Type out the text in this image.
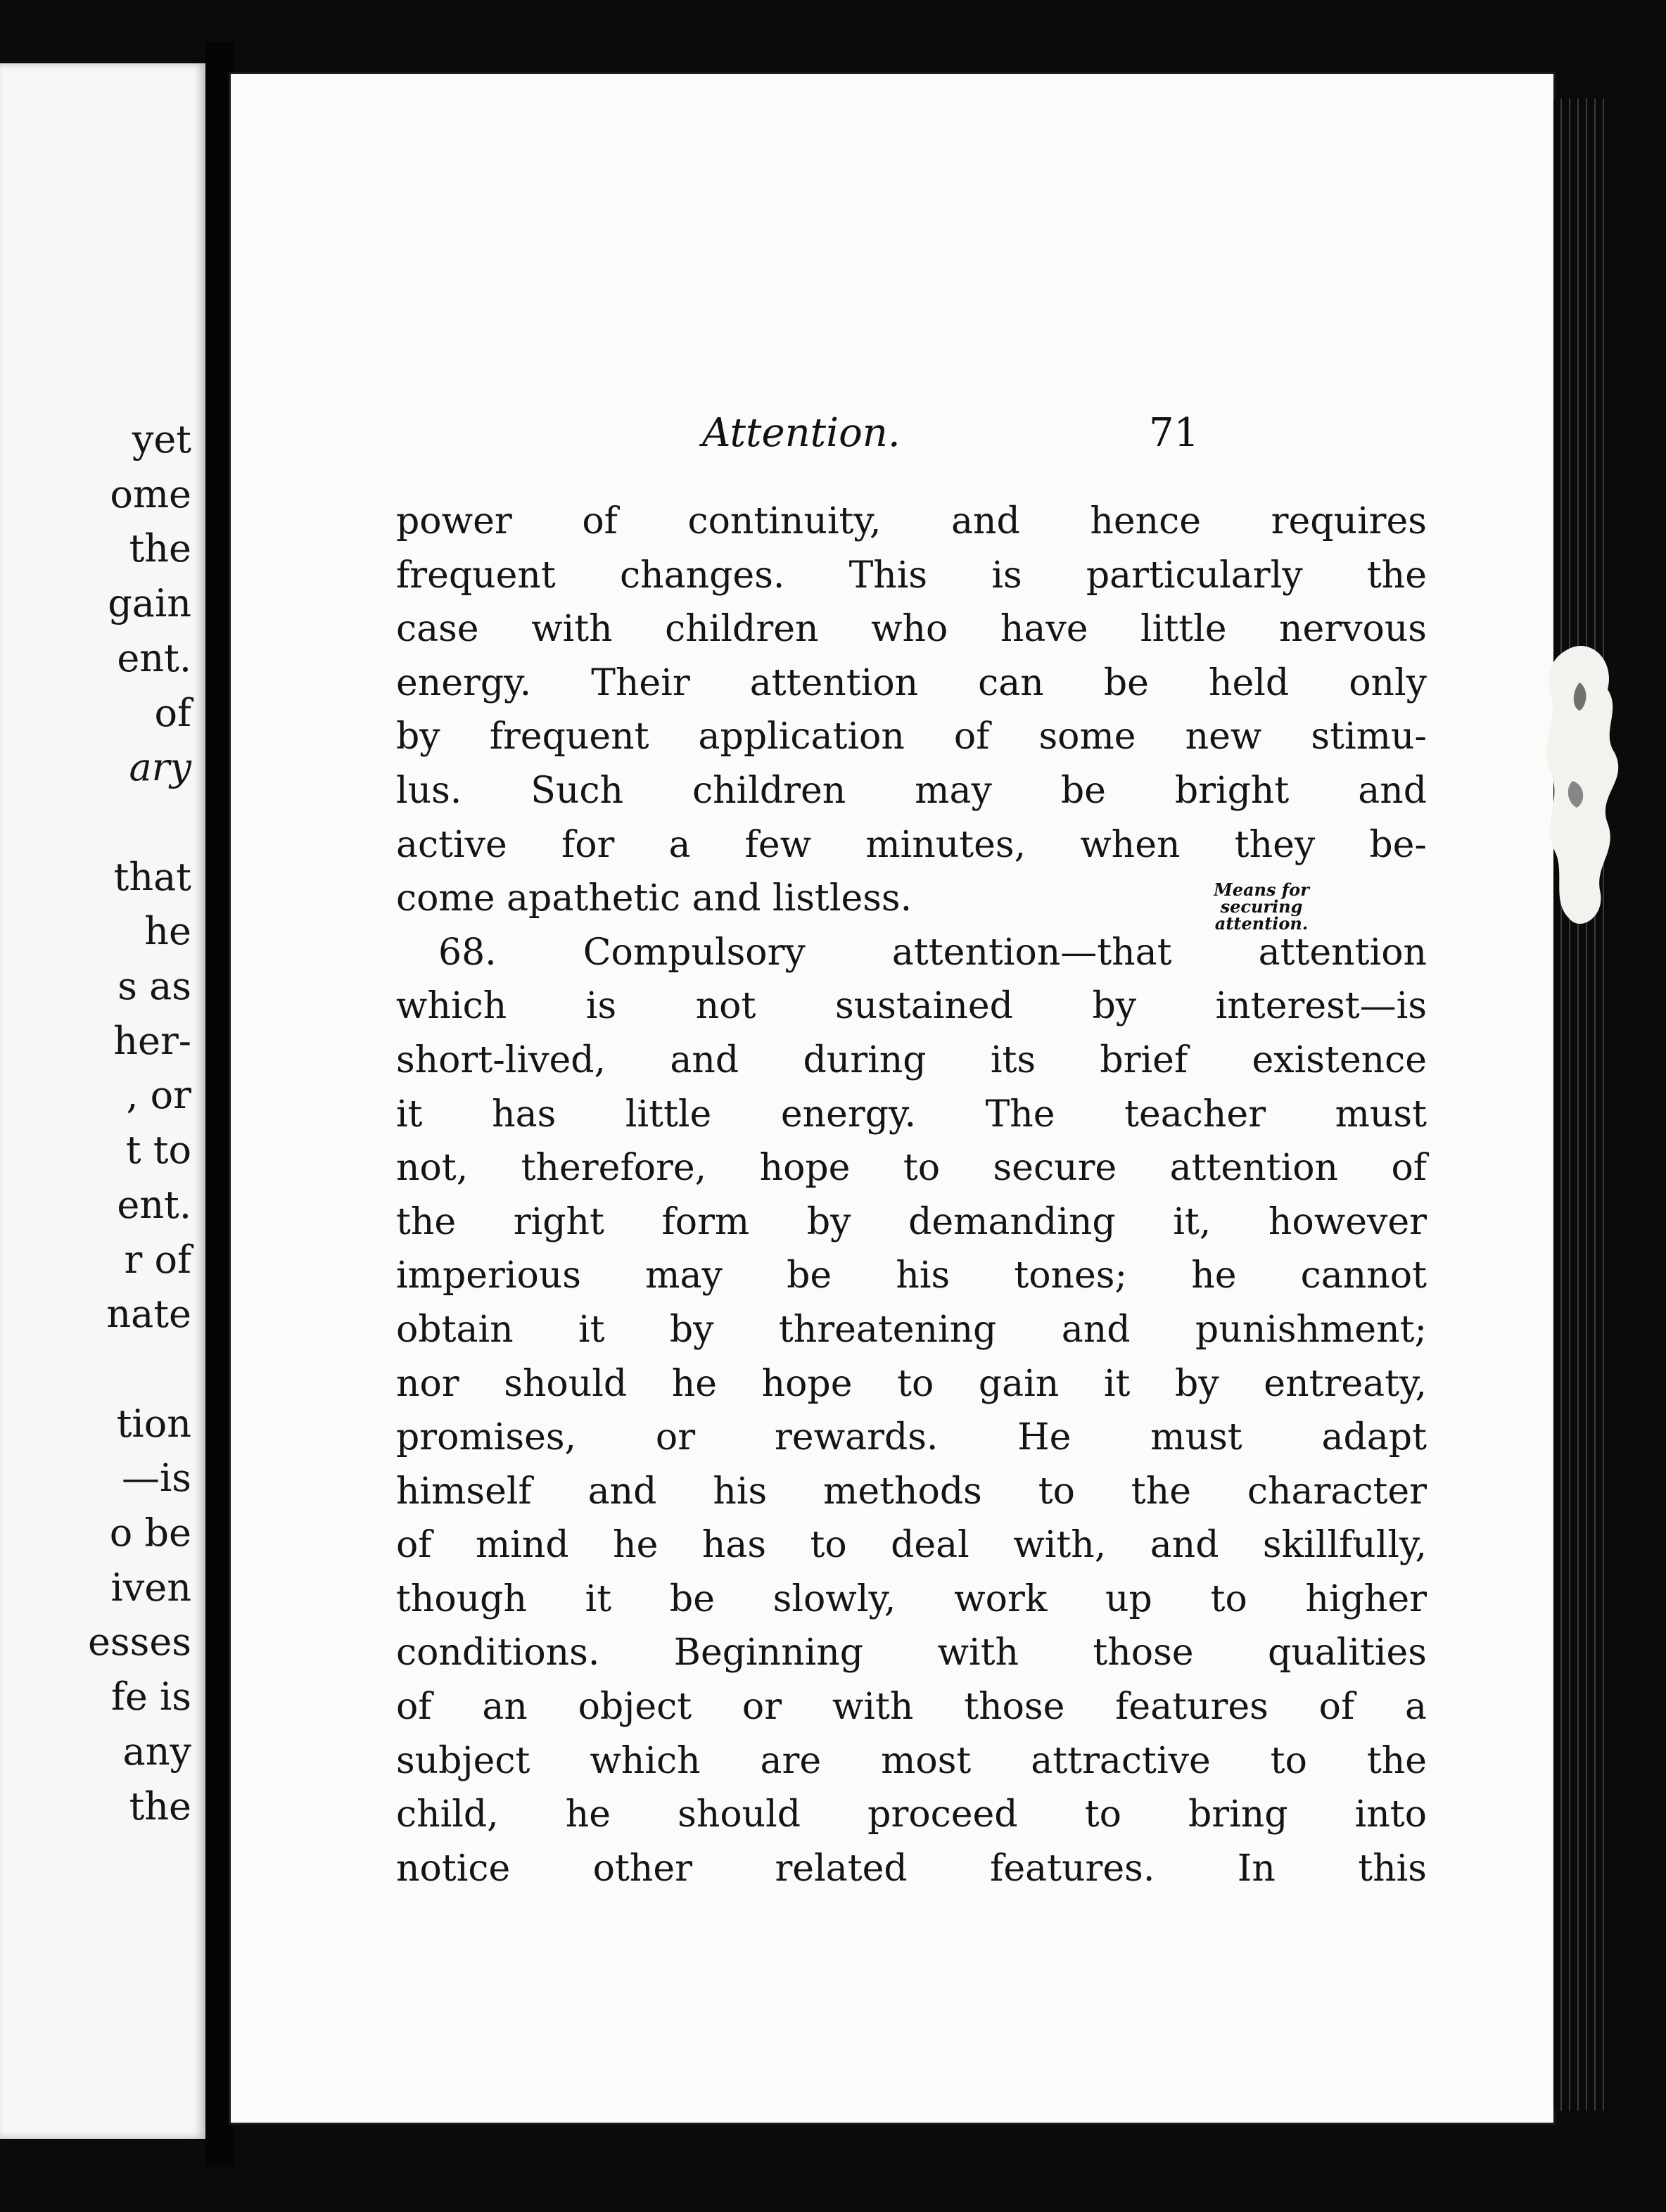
yet
ome
the
gain
ent.
of
ary
that
he
s as
her-
, or
t to
ent.
r of
nate
tion
—is
o be
iven
esses
fe is
any
the
Attention.	71
power of continuity, and hence requires
frequent changes. This is particularly the
case with children who have little nervous
energy. Their attention can be held only
by frequent application of some new stimu-
lus. Such children may be bright and
active for a few minutes, when they be-
come apathetic and listless.
68. Compulsory attention—that attention
which is not sustained by interest—is
short-lived, and during its brief existence
it has little energy. The teacher must
not, therefore, hope to secure attention of
the right form by demanding it, however
imperious may be his tones; he cannot
obtain it by threatening and punishment;
nor should he hope to gain it by entreaty,
promises, or rewards. He must adapt
himself and his methods to the character
of mind he has to deal with, and skillfully,
though it be slowly, work up to higher
conditions. Beginning with those qualities
of an object or with those features of a
subject which are most attractive to the
child, he should proceed to bring into
notice other related features. In this
Means for
securing
attention.
